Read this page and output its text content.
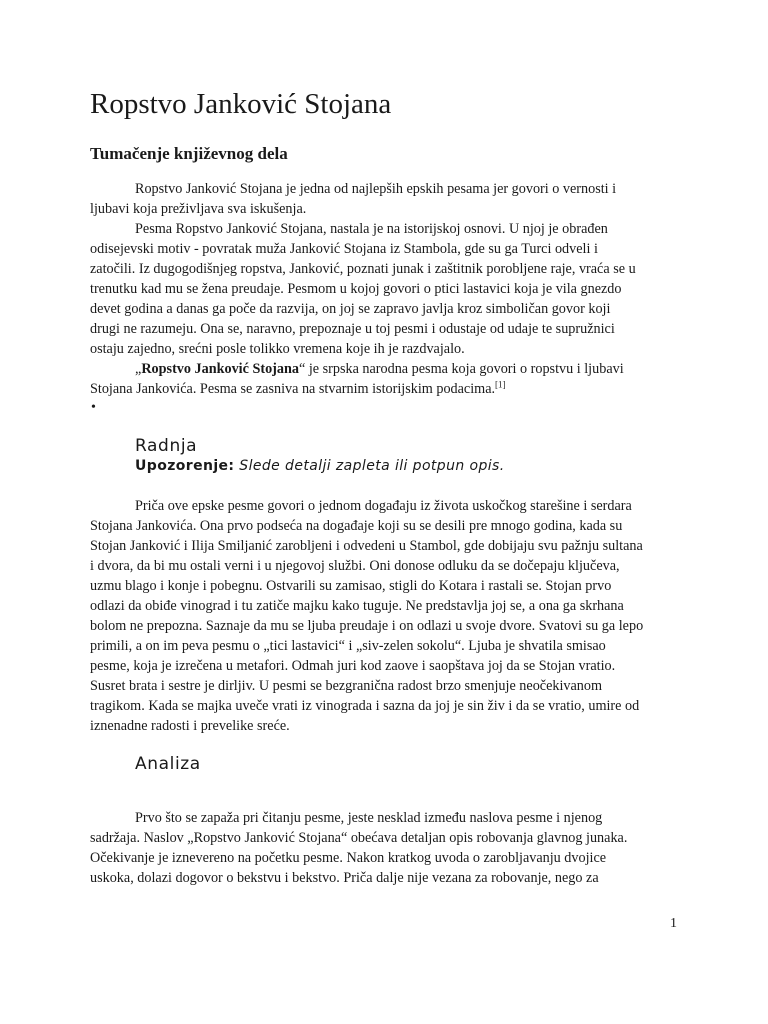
Ropstvo Janković Stojana
Tumačenje književnog dela
Ropstvo Janković Stojana je jedna od najlepših epskih pesama jer govori o vernosti i
ljubavi koja preživljava sva iskušenja.
Pesma Ropstvo Janković Stojana, nastala je na istorijskoj osnovi. U njoj je obrađen
odisejevski motiv - povratak muža Janković Stojana iz Stambola, gde su ga Turci odveli i
zatočili. Iz dugogodišnjeg ropstva, Janković, poznati junak i zaštitnik porobljene raje, vraća se u
trenutku kad mu se žena preudaje. Pesmom u kojoj govori o ptici lastavici koja je vila gnezdo
devet godina a danas ga poče da razvija, on joj se zapravo javlja kroz simboličan govor koji
drugi ne razumeju. Ona se, naravno, prepoznaje u toj pesmi i odustaje od udaje te supružnici
ostaju zajedno, srećni posle tolikko vremena koje ih je razdvajalo.
„Ropstvo Janković Stojana“ je srpska narodna pesma koja govori o ropstvu i ljubavi
Stojana Jankovića. Pesma se zasniva na stvarnim istorijskim podacima.[1]
•
Radnja
Upozorenje: Slede detalji zapleta ili potpun opis.
Priča ove epske pesme govori o jednom događaju iz života uskočkog starešine i serdara
Stojana Jankovića. Ona prvo podseća na događaje koji su se desili pre mnogo godina, kada su
Stojan Janković i Ilija Smiljanić zarobljeni i odvedeni u Stambol, gde dobijaju svu pažnju sultana
i dvora, da bi mu ostali verni i u njegovoj službi. Oni donose odluku da se dočepaju ključeva,
uzmu blago i konje i pobegnu. Ostvarili su zamisao, stigli do Kotara i rastali se. Stojan prvo
odlazi da obiđe vinograd i tu zatiče majku kako tuguje. Ne predstavlja joj se, a ona ga skrhana
bolom ne prepozna. Saznaje da mu se ljuba preudaje i on odlazi u svoje dvore. Svatovi su ga lepo
primili, a on im peva pesmu o „tici lastavici“ i „siv-zelen sokolu“. Ljuba je shvatila smisao
pesme, koja je izrečena u metafori. Odmah juri kod zaove i saopštava joj da se Stojan vratio.
Susret brata i sestre je dirljiv. U pesmi se bezgranična radost brzo smenjuje neočekivanom
tragikom. Kada se majka uveče vrati iz vinograda i sazna da joj je sin živ i da se vratio, umire od
iznenadne radosti i prevelike sreće.
Analiza
Prvo što se zapaža pri čitanju pesme, jeste nesklad između naslova pesme i njenog
sadržaja. Naslov „Ropstvo Janković Stojana“ obećava detaljan opis robovanja glavnog junaka.
Očekivanje je iznevereno na početku pesme. Nakon kratkog uvoda o zarobljavanju dvojice
uskoka, dolazi dogovor o bekstvu i bekstvo. Priča dalje nije vezana za robovanje, nego za
1
